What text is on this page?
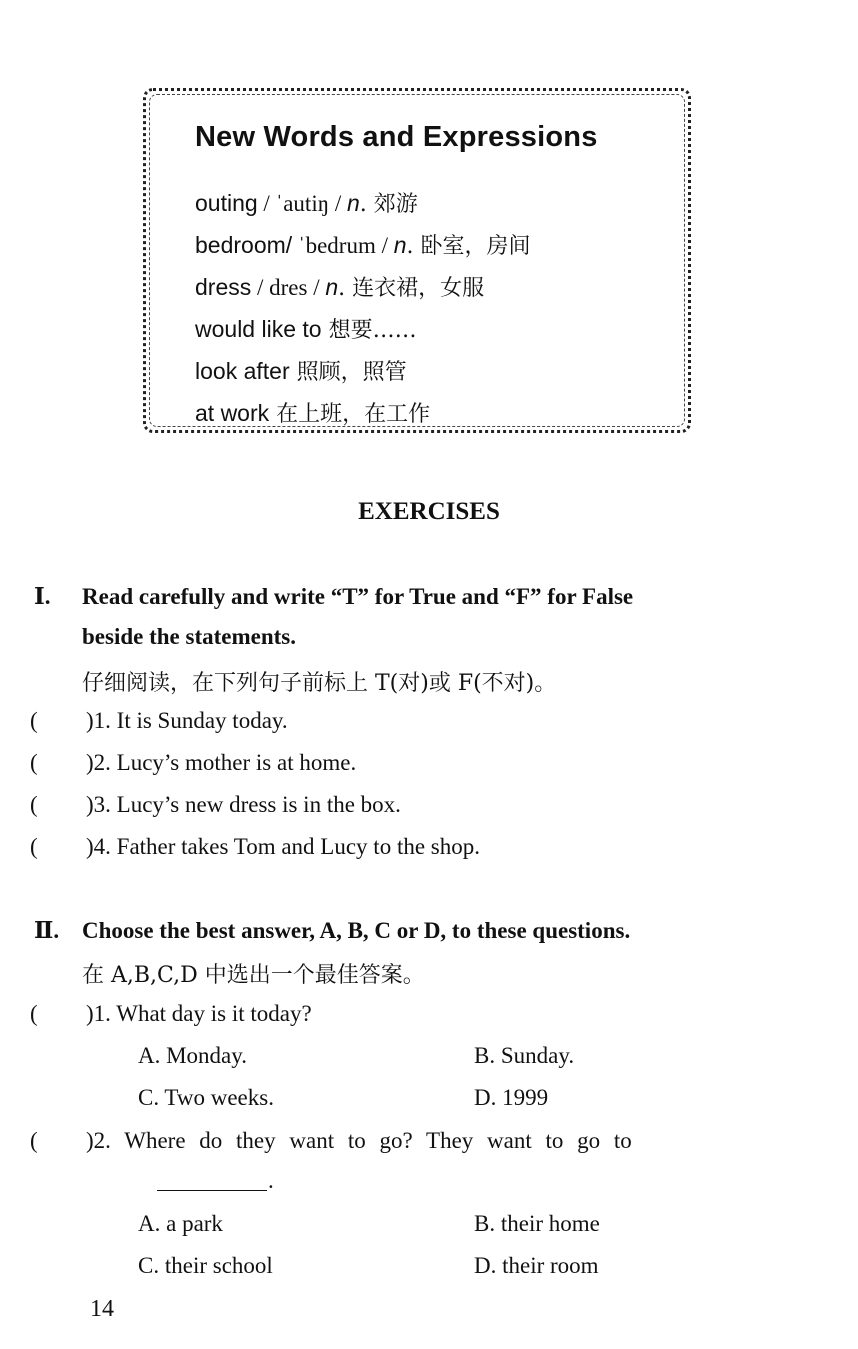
New Words and Expressions
outing / ˈautiŋ / n. 郊游
bedroom/ ˈbedrum / n. 卧室，房间
dress / dres / n. 连衣裙，女服
would like to 想要……
look after 照顾，照管
at work 在上班，在工作
EXERCISES
Ⅰ. Read carefully and write “T” for True and “F” for False
beside the statements.
仔细阅读，在下列句子前标上 T(对)或 F(不对)。
( )1. It is Sunday today.
( )2. Lucy’s mother is at home.
( )3. Lucy’s new dress is in the box.
( )4. Father takes Tom and Lucy to the shop.
Ⅱ. Choose the best answer, A, B, C or D, to these questions.
在 A,B,C,D 中选出一个最佳答案。
( )1. What day is it today?
A. Monday.	B. Sunday.
C. Two weeks.	D. 1999
( )2. Where do they want to go? They want to go to
.
A. a park	B. their home
C. their school	D. their room
14
